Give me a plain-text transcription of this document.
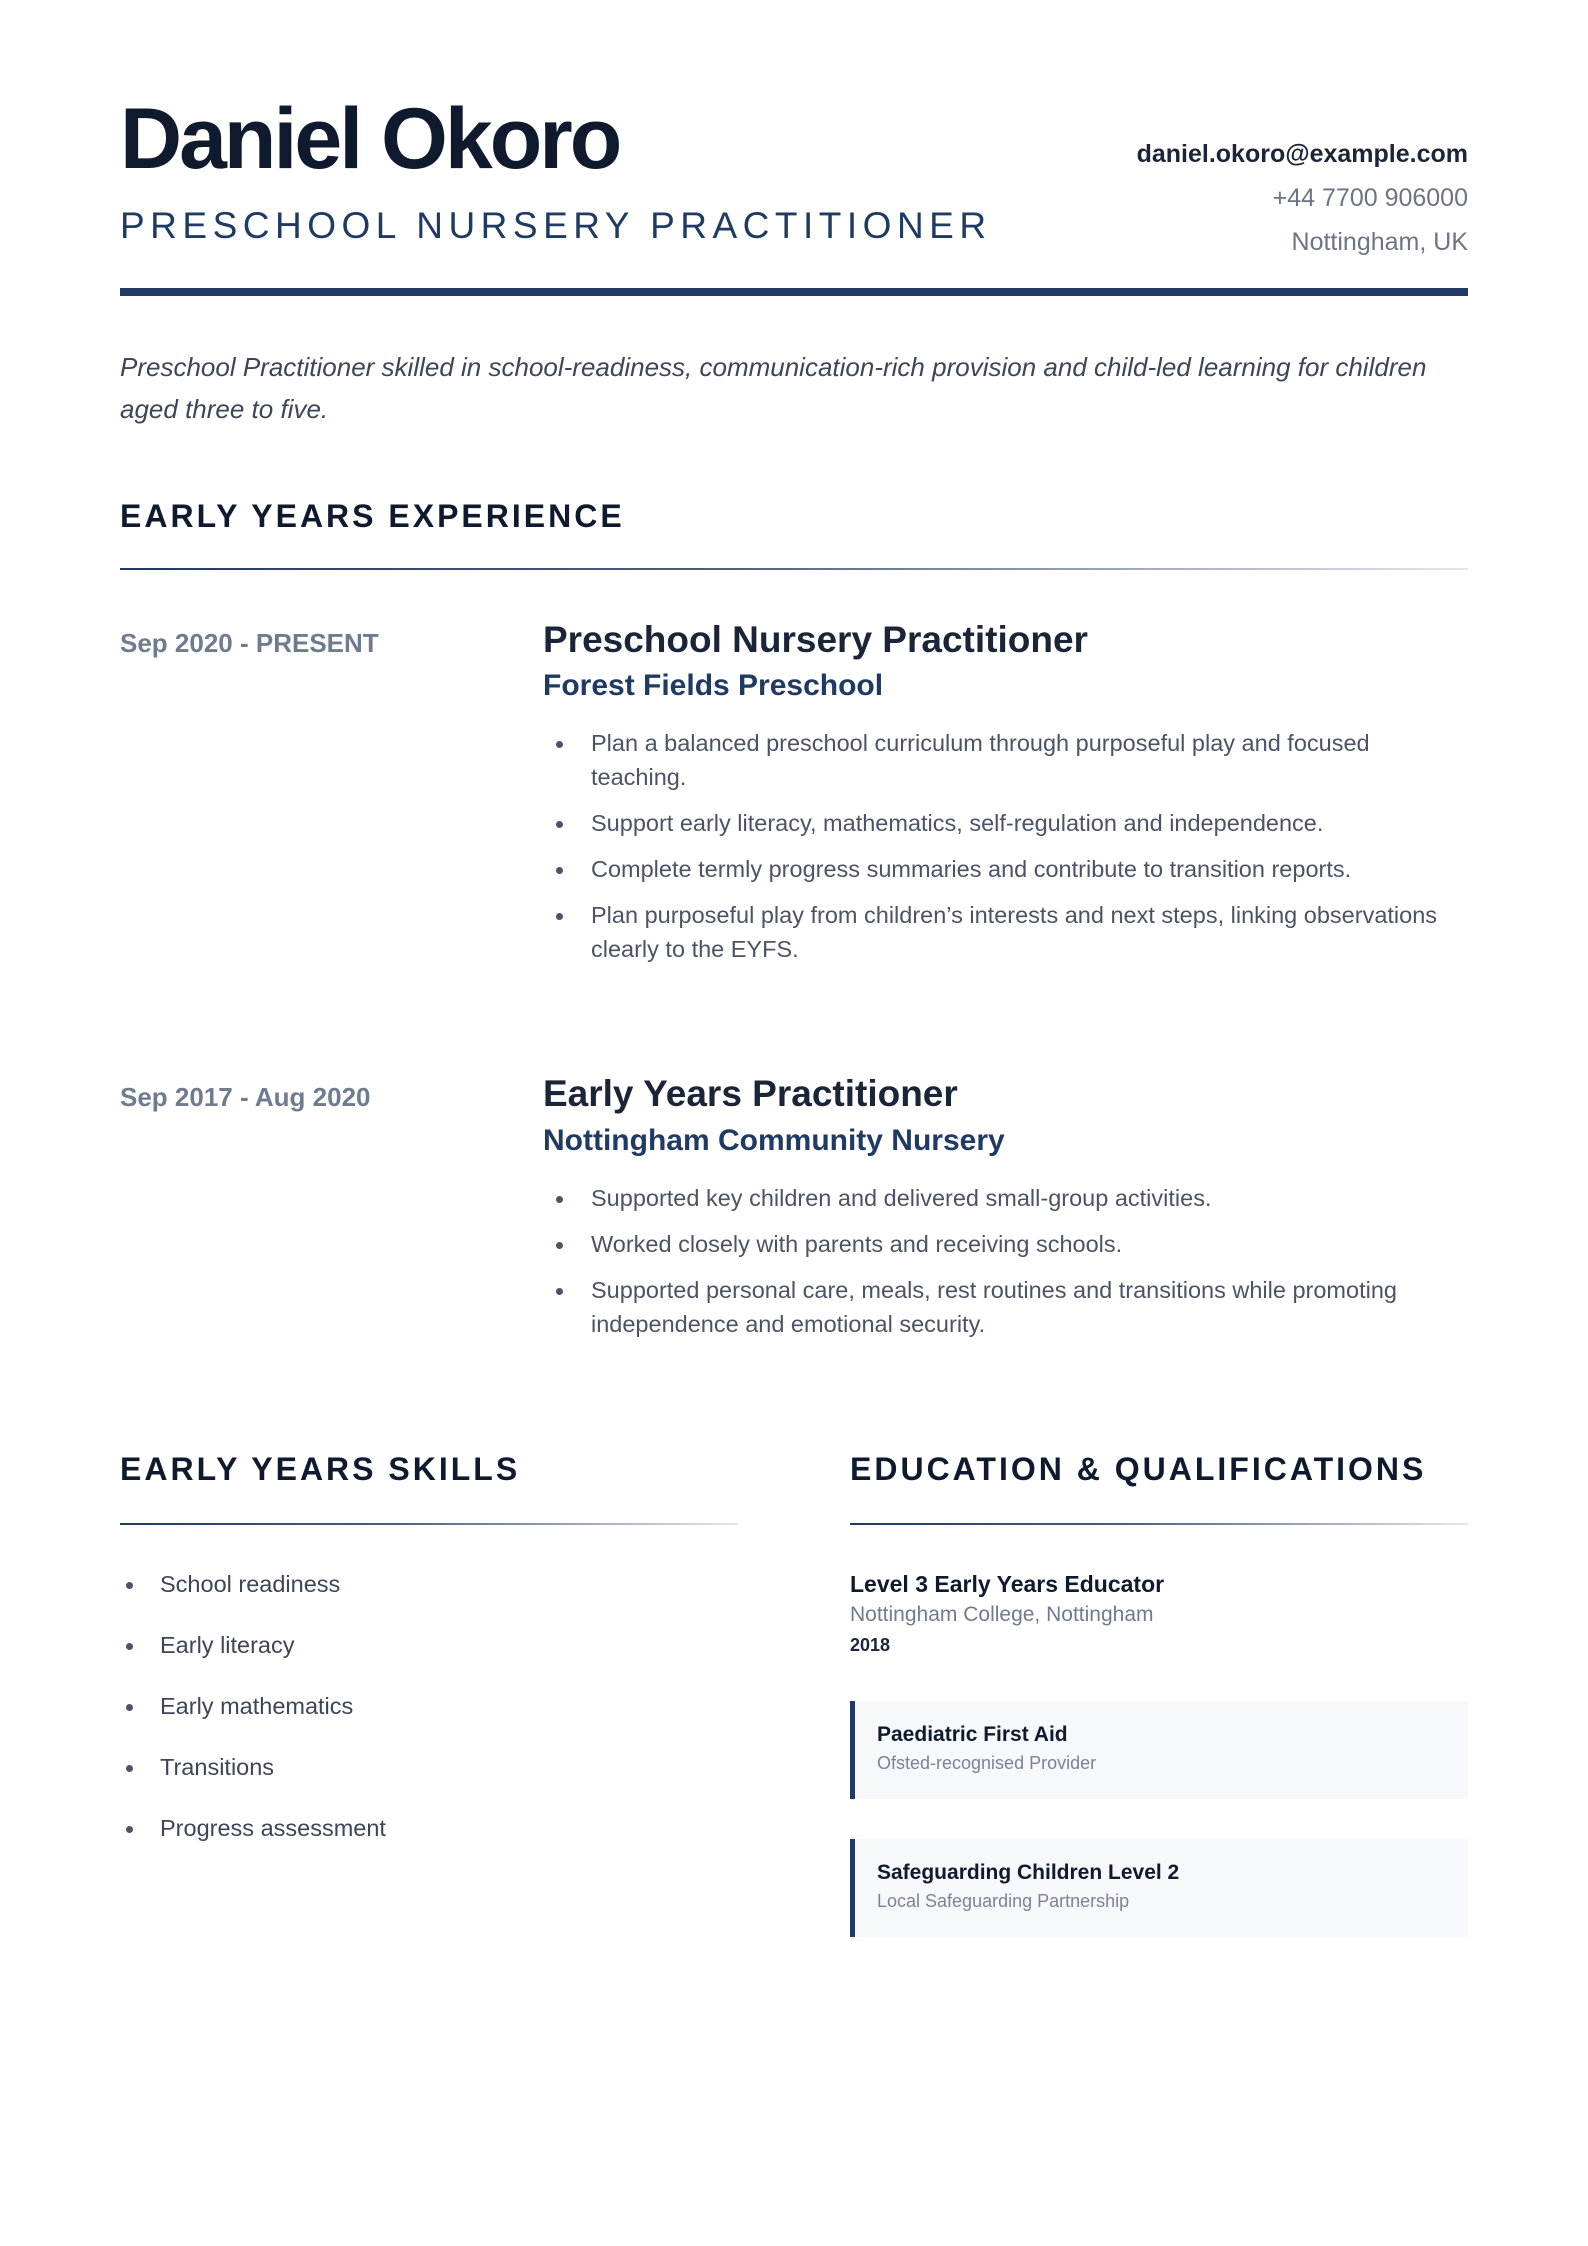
Daniel Okoro
PRESCHOOL NURSERY PRACTITIONER
daniel.okoro@example.com
+44 7700 906000
Nottingham, UK

Preschool Practitioner skilled in school-readiness, communication-rich provision and child-led learning for children aged three to five.

EARLY YEARS EXPERIENCE
Sep 2020 - PRESENT	Preschool Nursery Practitioner
Forest Fields Preschool
Plan a balanced preschool curriculum through purposeful play and focused teaching.
Support early literacy, mathematics, self-regulation and independence.
Complete termly progress summaries and contribute to transition reports.
Plan purposeful play from children’s interests and next steps, linking observations clearly to the EYFS.
Sep 2017 - Aug 2020	Early Years Practitioner
Nottingham Community Nursery
Supported key children and delivered small-group activities.
Worked closely with parents and receiving schools.
Supported personal care, meals, rest routines and transitions while promoting independence and emotional security.
EARLY YEARS SKILLS
School readiness
Early literacy
Early mathematics
Transitions
Progress assessment
EDUCATION & QUALIFICATIONS
Level 3 Early Years Educator
Nottingham College, Nottingham
2018
Paediatric First Aid
Ofsted-recognised Provider
Safeguarding Children Level 2
Local Safeguarding Partnership
